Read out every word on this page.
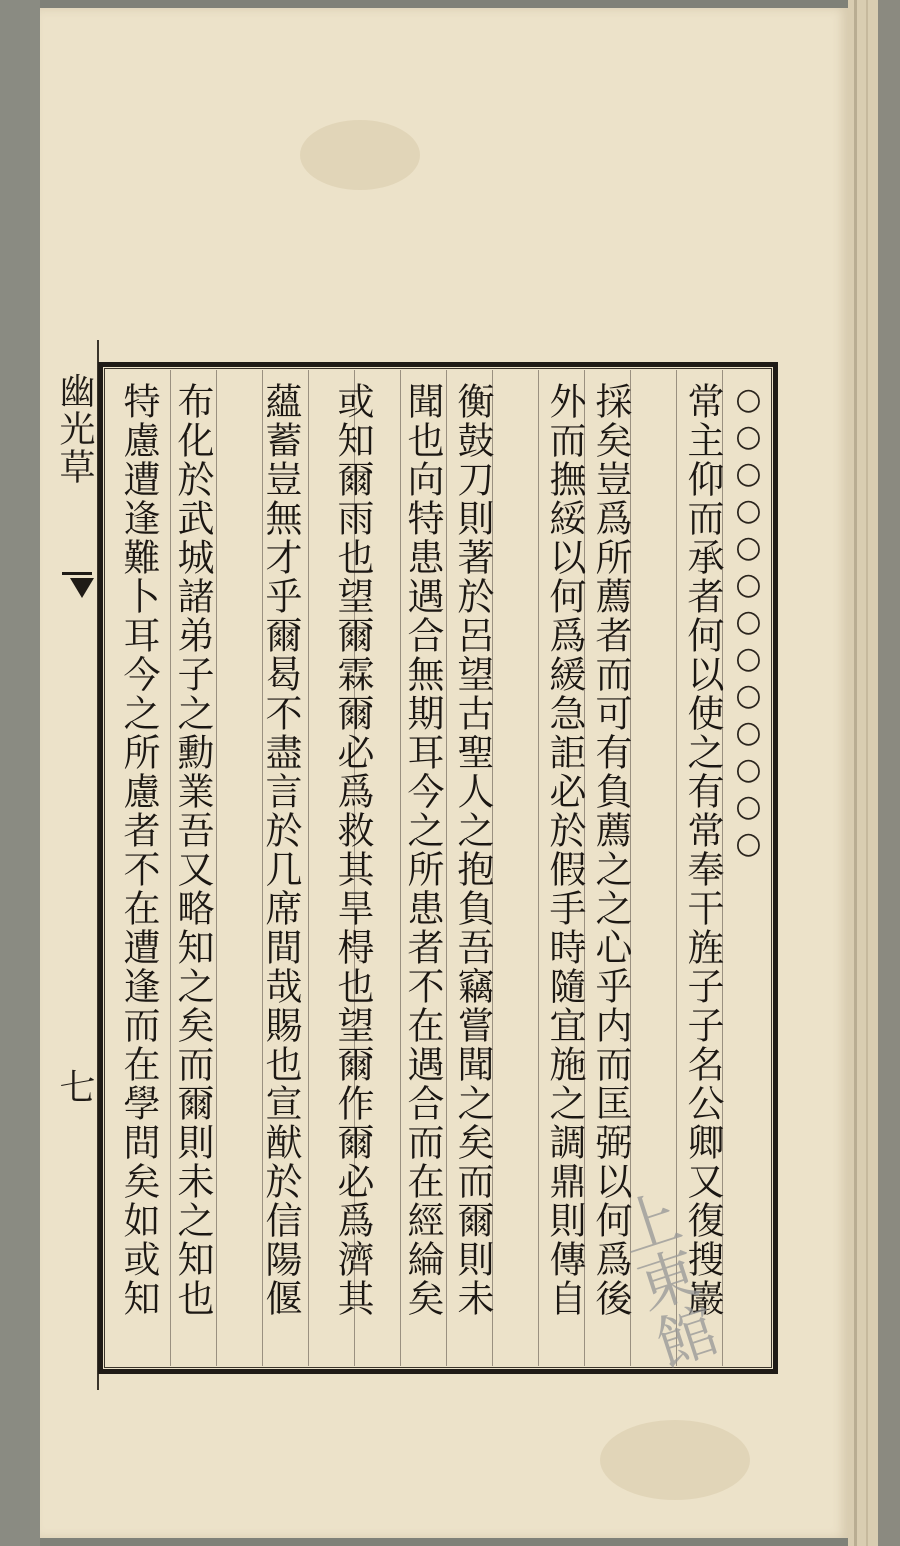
幽光草
七
○○○○○○○○○○○○○
常主仰而承者何以使之有常奉干旌子子名公卿又復搜巖
採矣豈爲所薦者而可有負薦之之心乎内而匡弼以何爲後
外而撫綏以何爲緩急詎必於假手時隨宜施之調鼎則傳自
衡鼓刀則著於呂望古聖人之抱負吾竊嘗聞之矣而爾則未
聞也向特患遇合無期耳今之所患者不在遇合而在經綸矣
或知爾雨也望爾霖爾必爲救其旱棏也望爾作爾必爲濟其
蘊蓄豈無才乎爾曷不盡言於几席間哉賜也宣猷於信陽偃
布化於武城諸弟子之勳業吾又略知之矣而爾則未之知也
特慮遭逢難卜耳今之所慮者不在遭逢而在學問矣如或知	上東館
